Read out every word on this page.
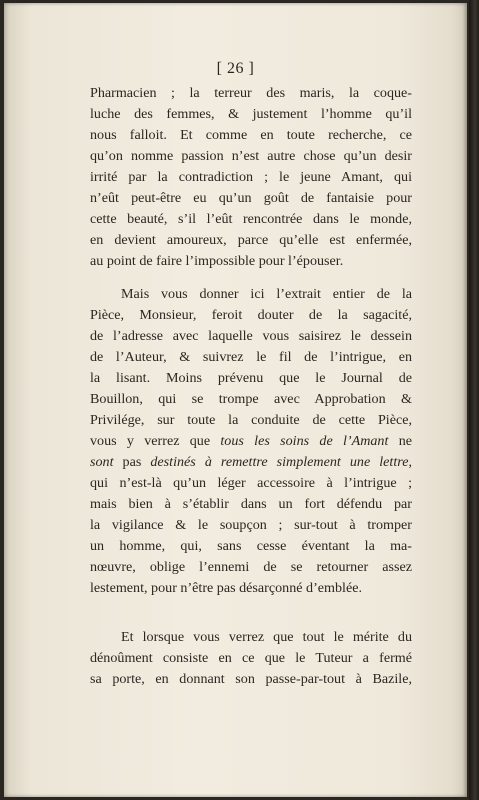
[ 26 ]

Pharmacien ; la terreur des maris, la coque-
luche des femmes, & justement l’homme qu’il
nous falloit. Et comme en toute recherche, ce
qu’on nomme passion n’est autre chose qu’un desir
irrité par la contradiction ; le jeune Amant, qui
n’eût peut-être eu qu’un goût de fantaisie pour
cette beauté, s’il l’eût rencontrée dans le monde,
en devient amoureux, parce qu’elle est enfermée,
au point de faire l’impossible pour l’épouser.

Mais vous donner ici l’extrait entier de la
Pièce, Monsieur, feroit douter de la sagacité,
de l’adresse avec laquelle vous saisirez le dessein
de l’Auteur, & suivrez le fil de l’intrigue, en
la lisant. Moins prévenu que le Journal de
Bouillon, qui se trompe avec Approbation &
Privilége, sur toute la conduite de cette Pièce,
vous y verrez que tous les soins de l’Amant ne
sont pas destinés à remettre simplement une lettre,
qui n’est-là qu’un léger accessoire à l’intrigue ;
mais bien à s’établir dans un fort défendu par
la vigilance & le soupçon ; sur-tout à tromper
un homme, qui, sans cesse éventant la ma-
nœuvre, oblige l’ennemi de se retourner assez
lestement, pour n’être pas désarçonné d’emblée.

Et lorsque vous verrez que tout le mérite du
dénoûment consiste en ce que le Tuteur a fermé
sa porte, en donnant son passe-par-tout à Bazile,
